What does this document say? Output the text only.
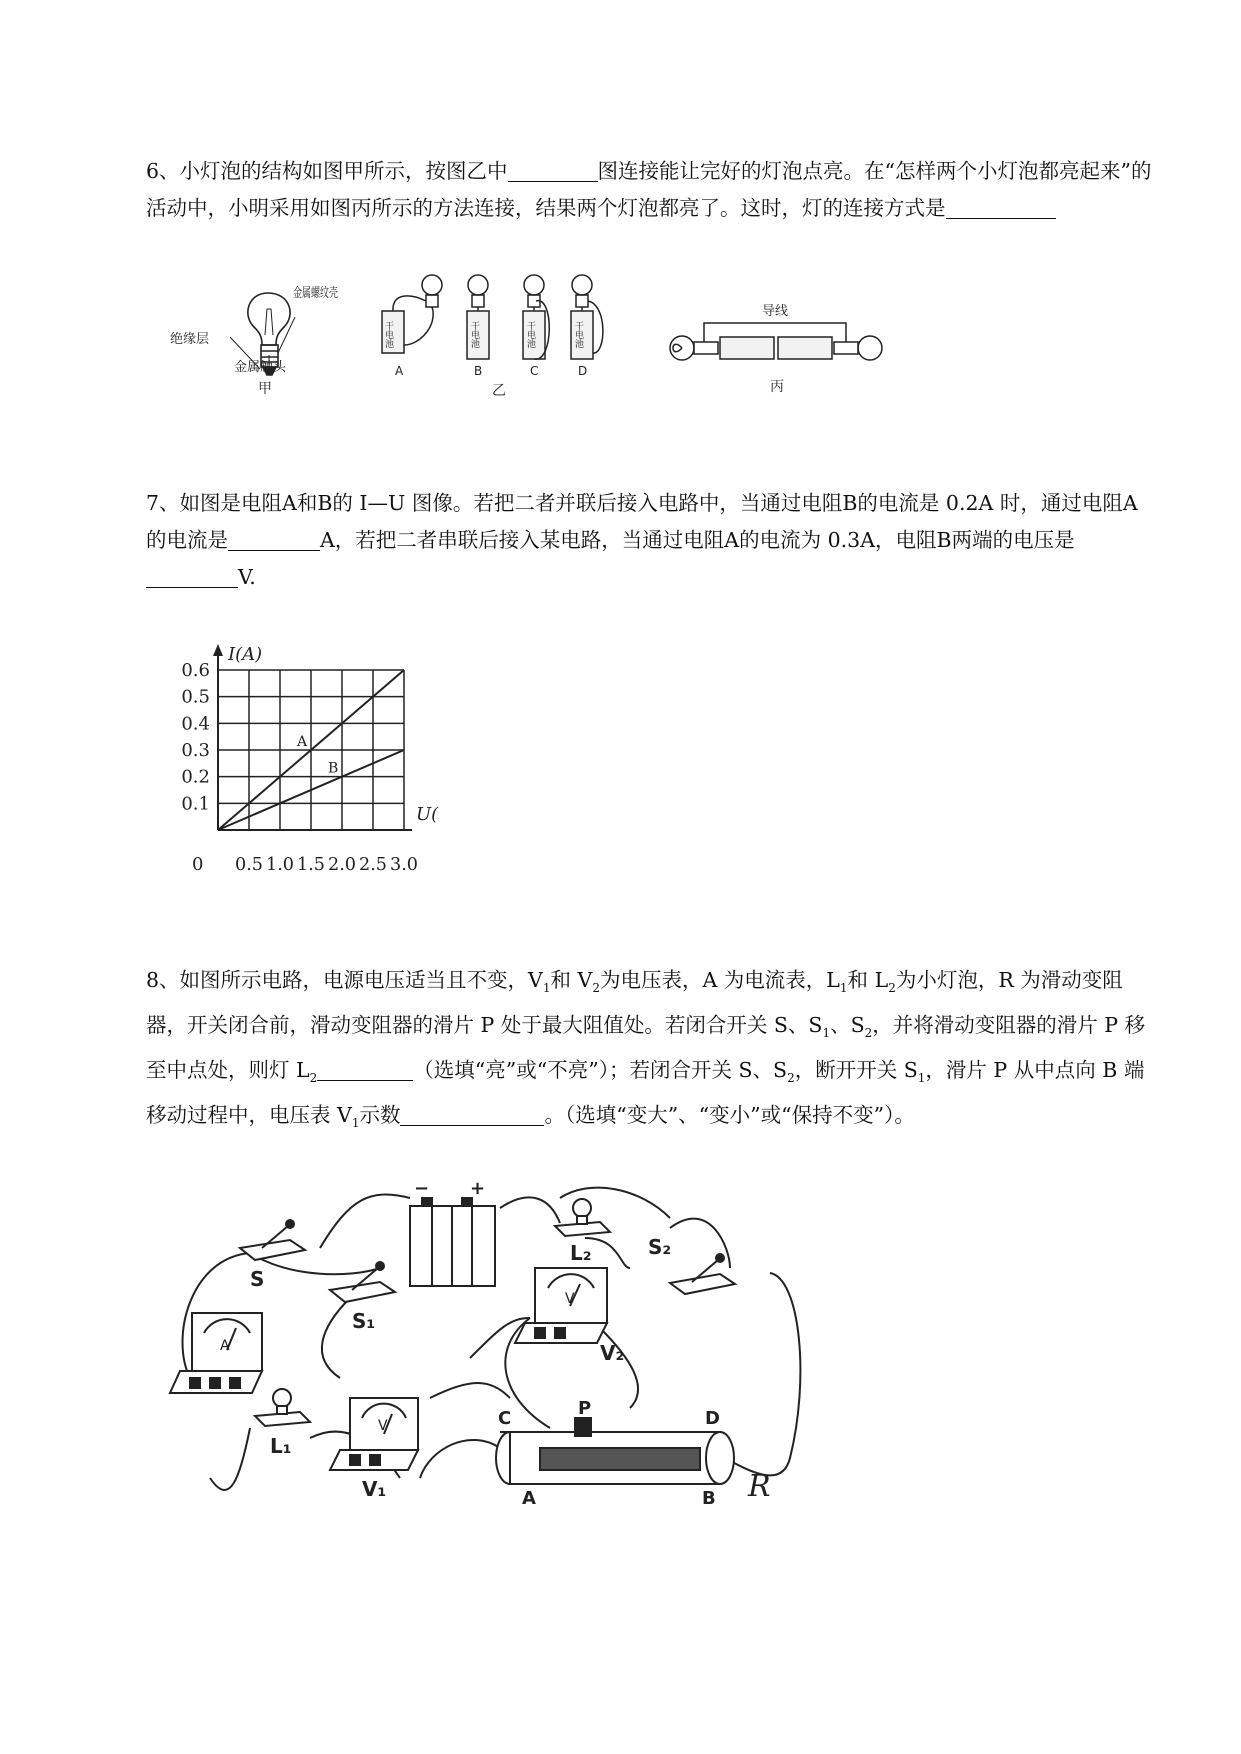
6、小灯泡的结构如图甲所示，按图乙中	图连接能让完好的灯泡点亮。在“怎样两个小灯泡都亮起来”的活动中，小明采用如图丙所示的方法连接，结果两个灯泡都亮了。这时，灯的连接方式是

金属螺纹壳
绝缘层
金属触头
甲
干电池	干电池	干电池	干电池
A	B	C	D
乙
导线
丙

7、如图是电阻A和B的 I—U 图像。若把二者并联后接入电路中，当通过电阻B的电流是 0.2A 时，通过电阻A的电流是	A，若把二者串联后接入某电路，当通过电阻A的电流为 0.3A，电阻B两端的电压是V.

A
B
0.1
0.2
0.3
0.4
0.5
0.6
0.5 1.0 1.5 2.0 2.5 3.0
0
I(A)
U(

8、如图所示电路，电源电压适当且不变，$V_1$和 $V_2$为电压表，A 为电流表，$L_1$和 $L_2$为小灯泡，R 为滑动变阻器，开关闭合前，滑动变阻器的滑片 P 处于最大阻值处。若闭合开关 S、$S_1$、$S_2$，并将滑动变阻器的滑片 P 移至中点处，则灯 $L_2$	（选填“亮”或“不亮”）；若闭合开关 S、$S_2$，断开开关 $S_1$，滑片 P 从中点向 B 端移动过程中，电压表 $V_1$示数	。（选填“变大”、“变小”或“保持不变”）。

− +
S
S₁
L₂	S₂
A
V
V₂
L₁
V
V₁
C	P	D
A	B R
